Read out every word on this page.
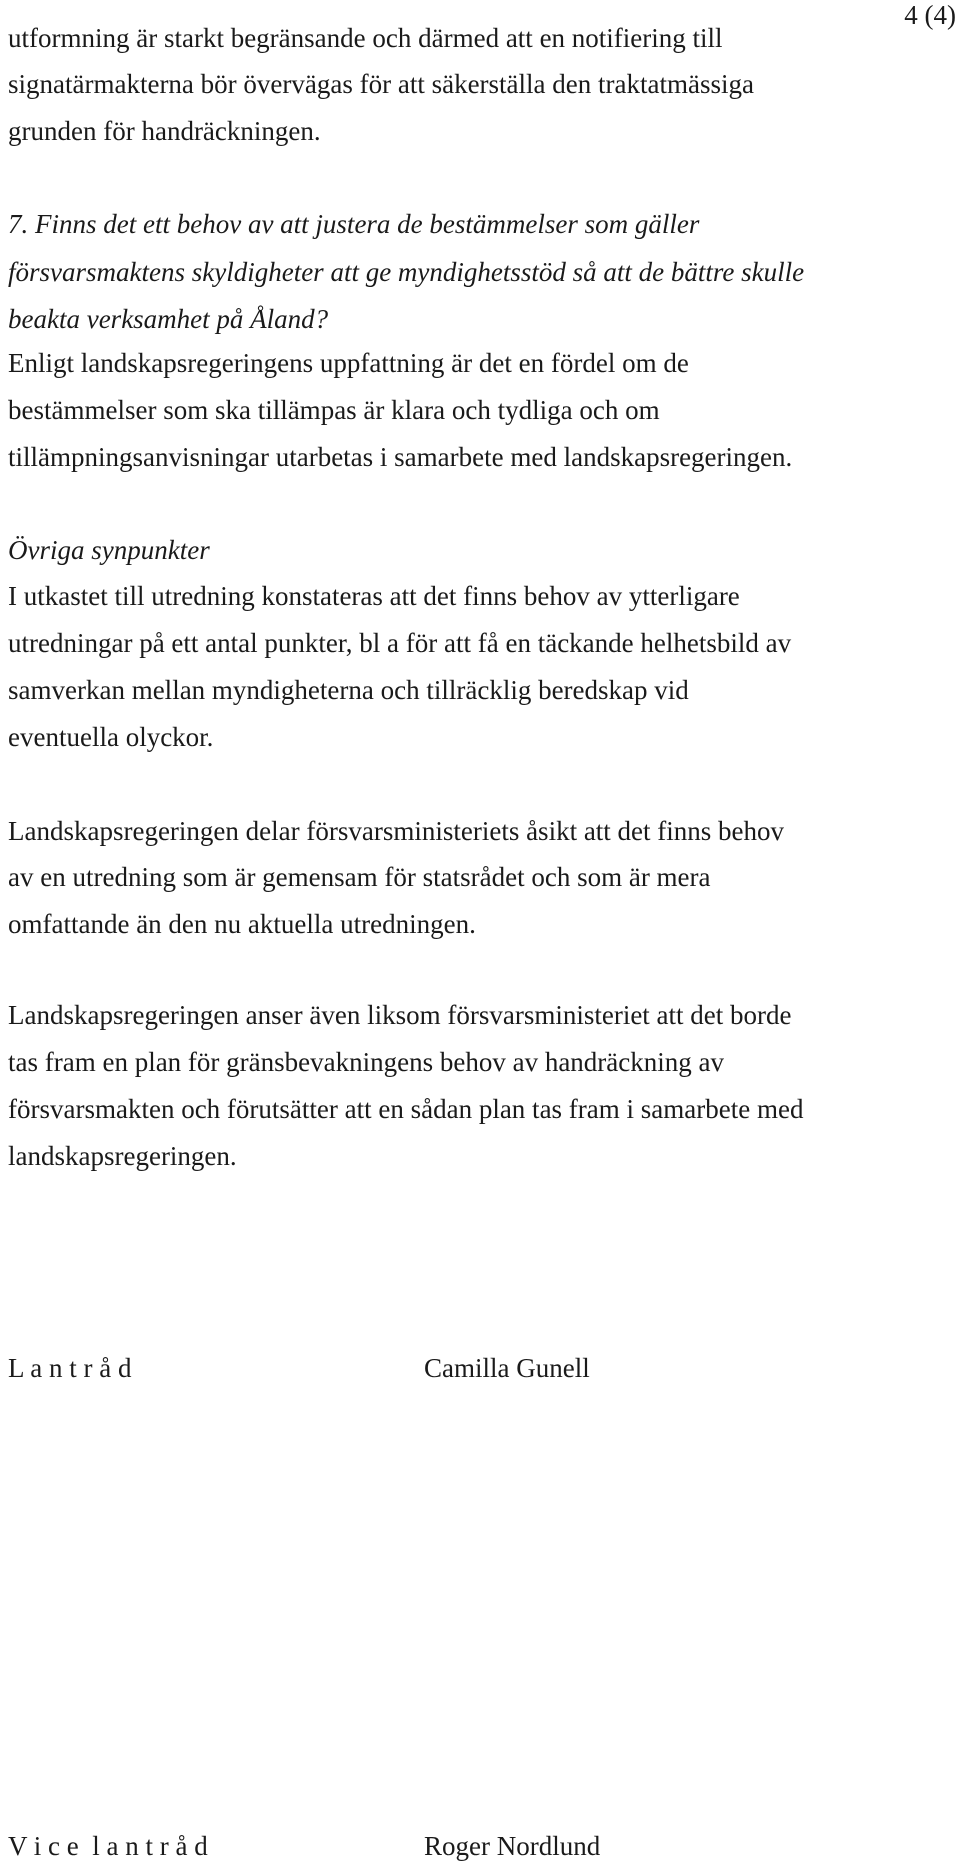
4 (4)
utformning är starkt begränsande och därmed att en notifiering till
signatärmakterna bör övervägas för att säkerställa den traktatmässiga
grunden för handräckningen.
7. Finns det ett behov av att justera de bestämmelser som gäller
försvarsmaktens skyldigheter att ge myndighetsstöd så att de bättre skulle
beakta verksamhet på Åland?
Enligt landskapsregeringens uppfattning är det en fördel om de
bestämmelser som ska tillämpas är klara och tydliga och om
tillämpningsanvisningar utarbetas i samarbete med landskapsregeringen.
Övriga synpunkter
I utkastet till utredning konstateras att det finns behov av ytterligare
utredningar på ett antal punkter, bl a för att få en täckande helhetsbild av
samverkan mellan myndigheterna och tillräcklig beredskap vid
eventuella olyckor.
Landskapsregeringen delar försvarsministeriets åsikt att det finns behov
av en utredning som är gemensam för statsrådet och som är mera
omfattande än den nu aktuella utredningen.
Landskapsregeringen anser även liksom försvarsministeriet att det borde
tas fram en plan för gränsbevakningens behov av handräckning av
försvarsmakten och förutsätter att en sådan plan tas fram i samarbete med
landskapsregeringen.
L a n t r å d	Camilla Gunell
V i c e  l a n t r å d	Roger Nordlund
